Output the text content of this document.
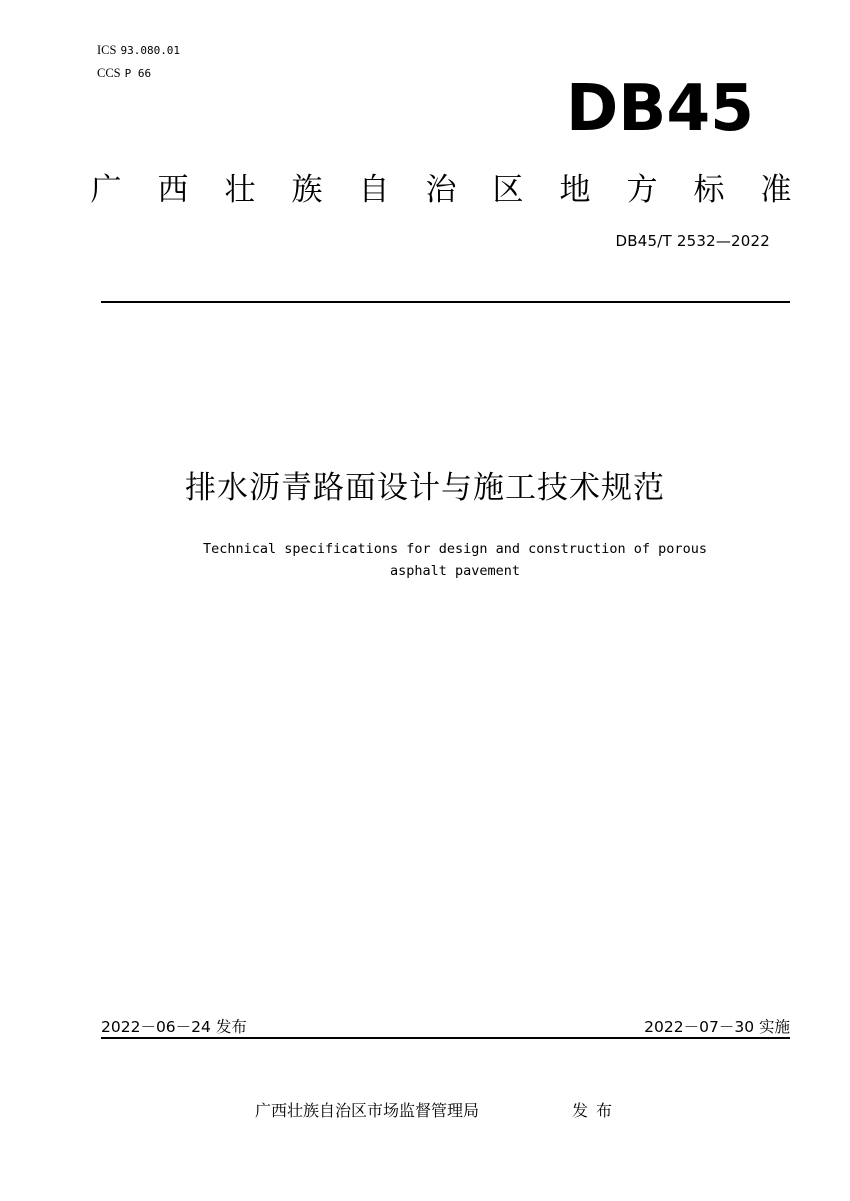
ICS 93.080.01
CCS P 66	DB45
广 西 壮 族 自 治 区 地 方 标 准
DB45/T 2532—2022
排水沥青路面设计与施工技术规范
Technical specifications for design and construction of porous
asphalt pavement
2022－06－24 发布	2022－07－30 实施
广西壮族自治区市场监督管理局	发布
